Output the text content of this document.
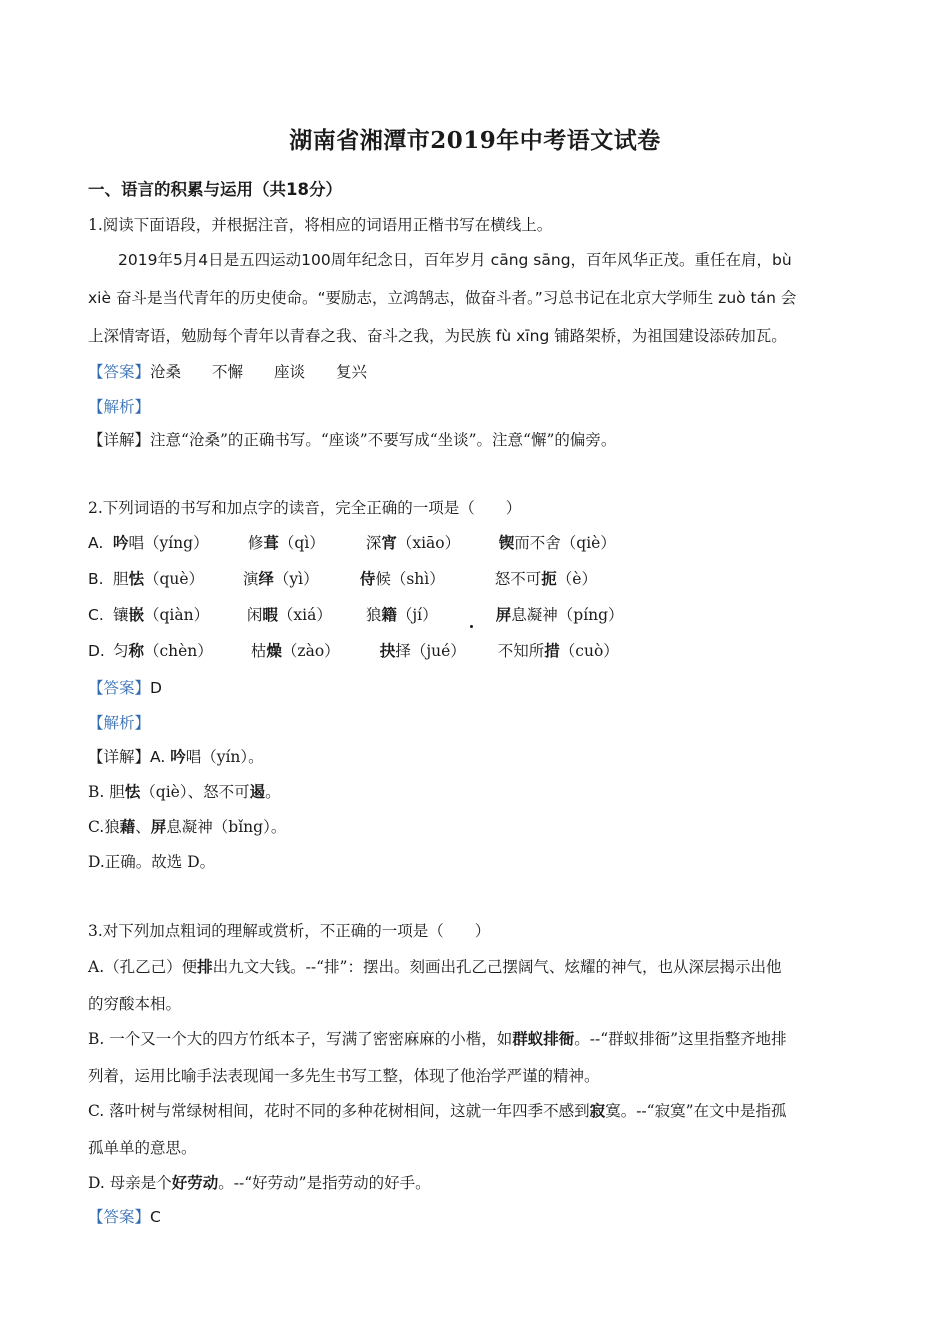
湖南省湘潭市2019年中考语文试卷
一、语言的积累与运用（共18分）
1.阅读下面语段，并根据注音，将相应的词语用正楷书写在横线上。
2019年5月4日是五四运动100周年纪念日，百年岁月 cāng sāng，百年风华正茂。重任在肩，bù
xiè 奋斗是当代青年的历史使命。“要励志，立鸿鹄志，做奋斗者。”习总书记在北京大学师生 zuò tán 会
上深情寄语，勉励每个青年以青春之我、奋斗之我，为民族 fù xīng 铺路架桥，为祖国建设添砖加瓦。
【答案】沧桑　　不懈　　座谈　　复兴
【解析】
【详解】注意“沧桑”的正确书写。“座谈”不要写成“坐谈”。注意“懈”的偏旁。
2.下列词语的书写和加点字的读音，完全正确的一项是（　　）
A. 吟唱（yíng）	修葺（qì）	深宵（xiāo） 锲而不舍（qiè）
B. 胆怯（què）	演绎（yì）	侍候（shì）	怒不可扼（è）
C. 镶嵌（qiàn） 闲暇（xiá） 狼籍（jí）	屏息凝神（píng）
D. 匀称（chèn） 枯燥（zào）	抉择（jué） 不知所措（cuò）
【答案】D
【解析】
【详解】A. 吟唱（yín）。
B. 胆怯（qiè）、怒不可遏。
C.狼藉、屏息凝神（bǐng）。
D.正确。故选 D。
3.对下列加点粗词的理解或赏析，不正确的一项是（　　）
A.（孔乙己）便排出九文大钱。--“排”：摆出。刻画出孔乙己摆阔气、炫耀的神气，也从深层揭示出他
的穷酸本相。
B. 一个又一个大的四方竹纸本子，写满了密密麻麻的小楷，如群蚁排衙。--“群蚁排衙”这里指整齐地排
列着，运用比喻手法表现闻一多先生书写工整，体现了他治学严谨的精神。
C. 落叶树与常绿树相间，花时不同的多种花树相间，这就一年四季不感到寂寞。--“寂寞”在文中是指孤
孤单单的意思。
D. 母亲是个好劳动。--“好劳动”是指劳动的好手。
【答案】C
